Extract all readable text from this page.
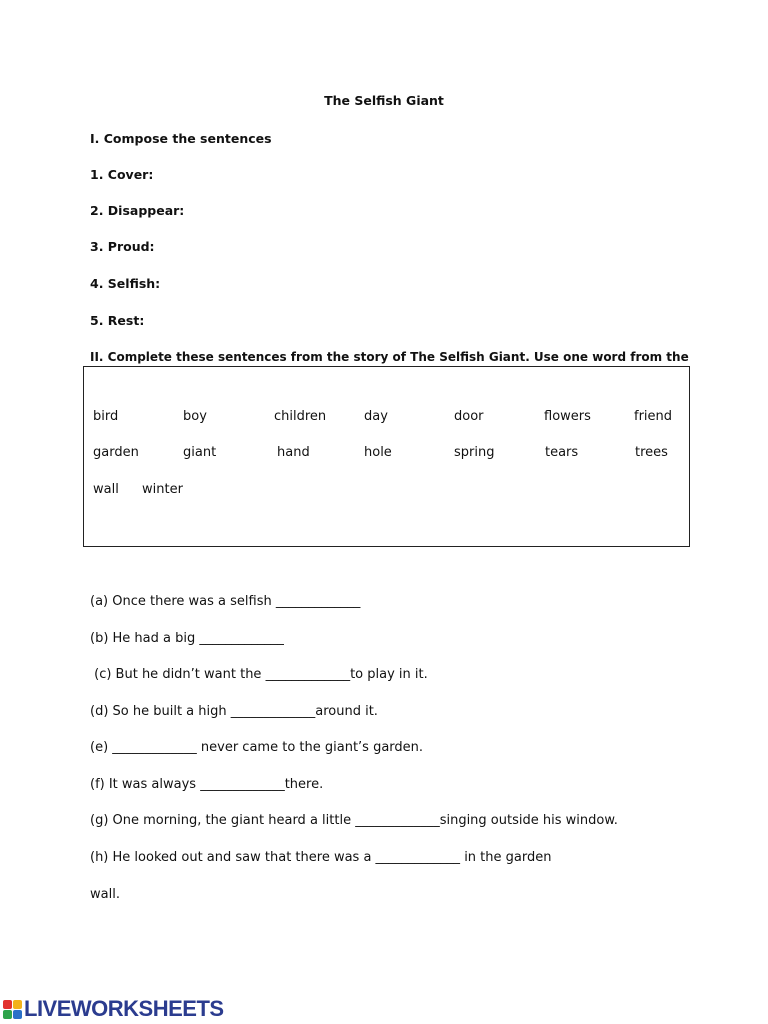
The Selfish Giant
I. Compose the sentences
1. Cover:
2. Disappear:
3. Proud:
4. Selfish:
5. Rest:
II. Complete these sentences from the story of The Selfish Giant. Use one word from the
bird	boy	children	day	door	flowers	friend
garden	giant	hand	hole	spring	tears	trees
wall winter
(a) Once there was a selfish _____________
(b) He had a big _____________
(c) But he didn’t want the _____________to play in it.
(d) So he built a high _____________around it.
(e) _____________ never came to the giant’s garden.
(f) It was always _____________there.
(g) One morning, the giant heard a little _____________singing outside his window.
(h) He looked out and saw that there was a _____________ in the garden
wall.
LIVEWORKSHEETS
